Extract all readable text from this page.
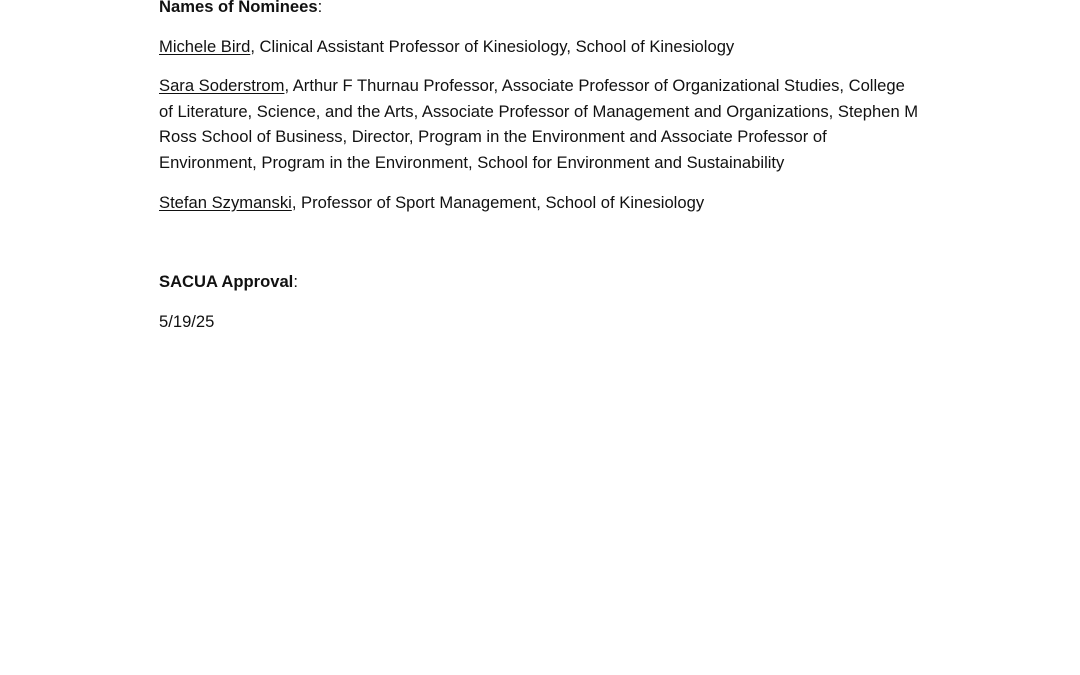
Names of Nominees:

Michele Bird, Clinical Assistant Professor of Kinesiology, School of Kinesiology

Sara Soderstrom, Arthur F Thurnau Professor, Associate Professor of Organizational Studies, College of Literature, Science, and the Arts, Associate Professor of Management and Organizations, Stephen M Ross School of Business, Director, Program in the Environment and Associate Professor of Environment, Program in the Environment, School for Environment and Sustainability

Stefan Szymanski, Professor of Sport Management, School of Kinesiology

SACUA Approval:

5/19/25
